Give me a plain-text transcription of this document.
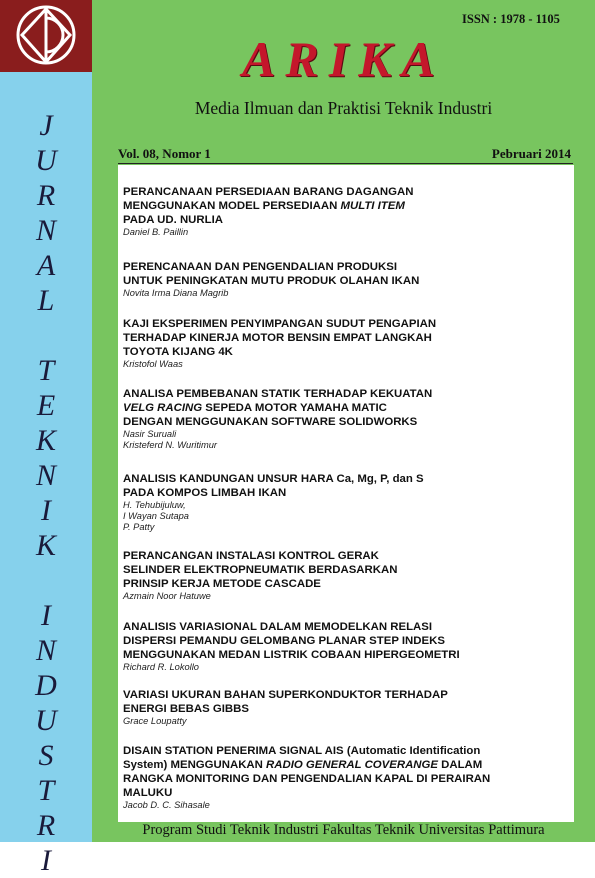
J
U
R
N
A
L
T
E
K
N
I
K
I
N
D
U
S
T
R
I
ISSN : 1978 - 1105
ARIKA
Media Ilmuan dan Praktisi Teknik Industri
Vol. 08, Nomor 1	Pebruari 2014
PERANCANAAN PERSEDIAAN BARANG DAGANGAN
MENGGUNAKAN MODEL PERSEDIAAN MULTI ITEM
PADA UD. NURLIA
Daniel B. Paillin
PERENCANAAN DAN PENGENDALIAN PRODUKSI
UNTUK PENINGKATAN MUTU PRODUK OLAHAN IKAN
Novita Irma Diana Magrib
KAJI EKSPERIMEN PENYIMPANGAN SUDUT PENGAPIAN
TERHADAP KINERJA MOTOR BENSIN EMPAT LANGKAH
TOYOTA KIJANG 4K
Kristofol Waas
ANALISA PEMBEBANAN STATIK TERHADAP KEKUATAN
VELG RACING SEPEDA MOTOR YAMAHA MATIC
DENGAN MENGGUNAKAN SOFTWARE SOLIDWORKS
Nasir Suruali
Kristeferd N. Wuritimur
ANALISIS KANDUNGAN UNSUR HARA Ca, Mg, P, dan S
PADA KOMPOS LIMBAH IKAN
H. Tehubijuluw,
I Wayan Sutapa
P. Patty
PERANCANGAN INSTALASI KONTROL GERAK
SELINDER ELEKTROPNEUMATIK BERDASARKAN
PRINSIP KERJA METODE CASCADE
Azmain Noor Hatuwe
ANALISIS VARIASIONAL DALAM MEMODELKAN RELASI
DISPERSI PEMANDU GELOMBANG PLANAR STEP INDEKS
MENGGUNAKAN MEDAN LISTRIK COBAAN HIPERGEOMETRI
Richard R. Lokollo
VARIASI UKURAN BAHAN SUPERKONDUKTOR TERHADAP
ENERGI BEBAS GIBBS
Grace Loupatty
DISAIN STATION PENERIMA SIGNAL AIS (Automatic Identification
System) MENGGUNAKAN RADIO GENERAL COVERANGE DALAM
RANGKA MONITORING DAN PENGENDALIAN KAPAL DI PERAIRAN
MALUKU
Jacob D. C. Sihasale
Program Studi Teknik Industri Fakultas Teknik Universitas Pattimura
